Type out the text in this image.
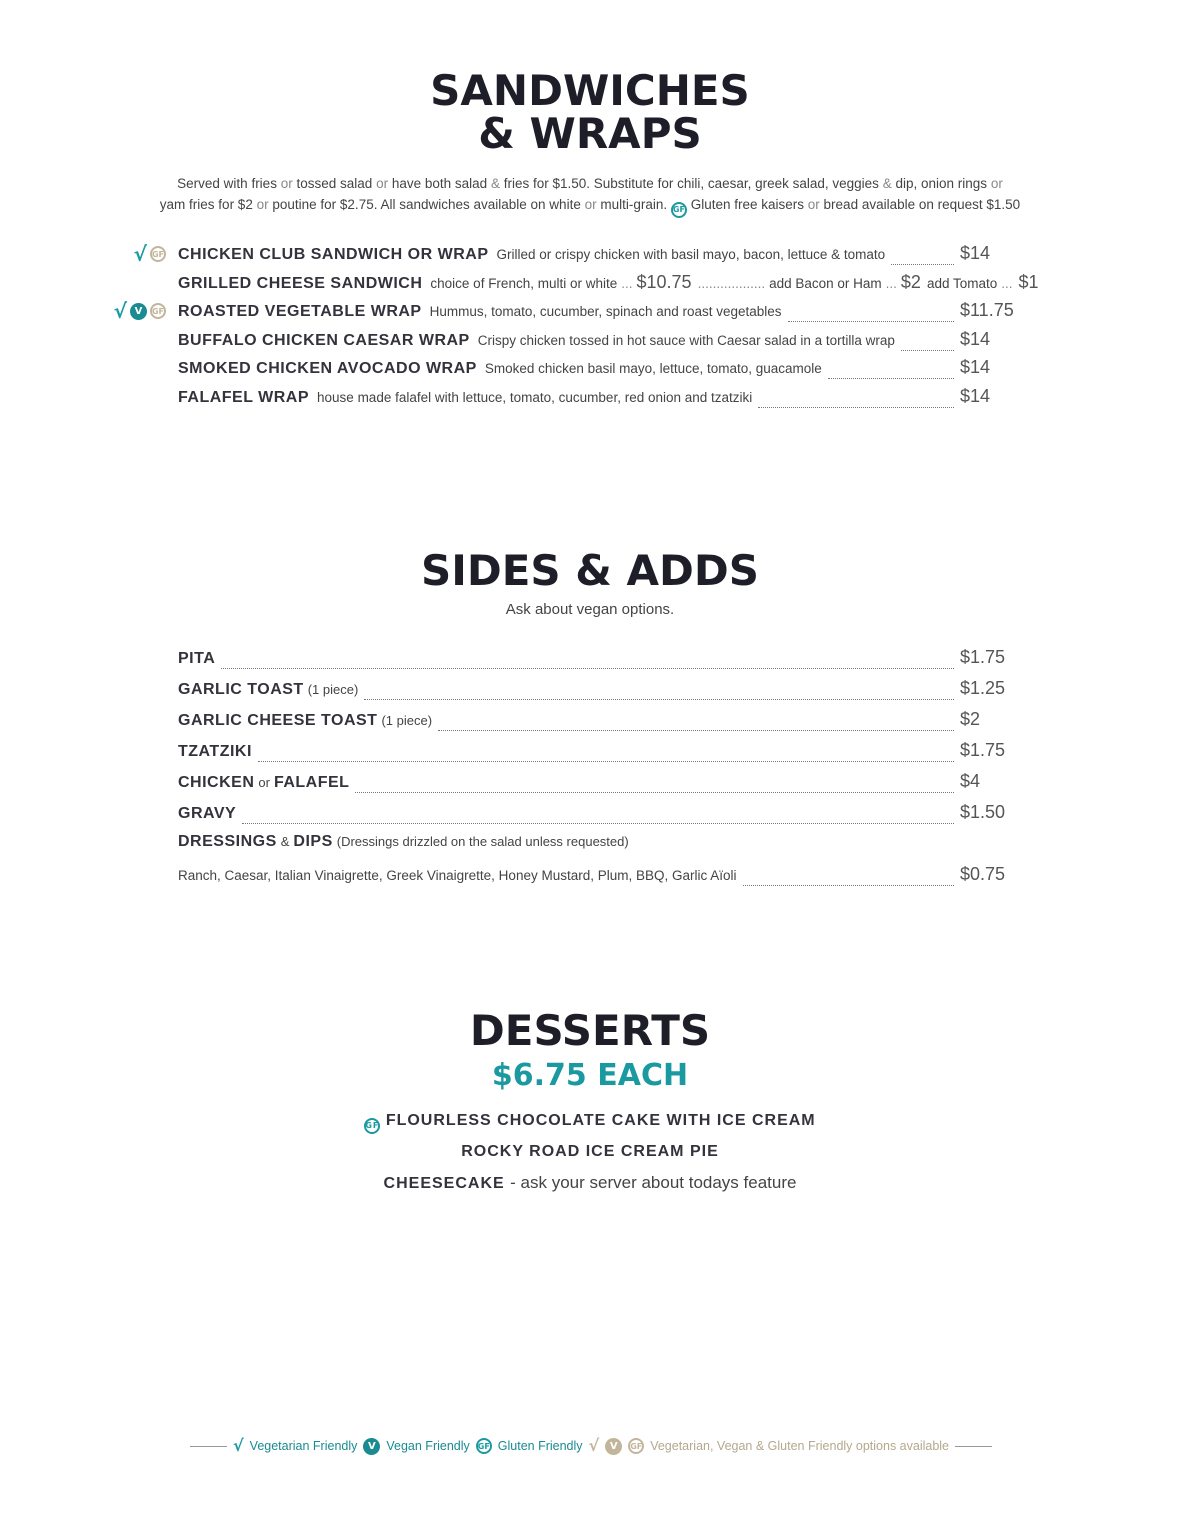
SANDWICHES
& WRAPS
Served with fries or tossed salad or have both salad & fries for $1.50. Substitute for chili, caesar, greek salad, veggies & dip, onion rings or
yam fries for $2 or poutine for $2.75. All sandwiches available on white or multi-grain. GF Gluten free kaisers or bread available on request $1.50
√ GF
√ V	GF
CHICKEN CLUB SANDWICH OR WRAP Grilled or crispy chicken with basil mayo, bacon, lettuce & tomato	$14
GRILLED CHEESE SANDWICH choice of French, multi or white ... $10.75 .................. add Bacon or Ham ... $2 add Tomato ... $1
ROASTED VEGETABLE WRAP Hummus, tomato, cucumber, spinach and roast vegetables	$11.75
BUFFALO CHICKEN CAESAR WRAP Crispy chicken tossed in hot sauce with Caesar salad in a tortilla wrap	$14
SMOKED CHICKEN AVOCADO WRAP Smoked chicken basil mayo, lettuce, tomato, guacamole	$14
FALAFEL WRAP house made falafel with lettuce, tomato, cucumber, red onion and tzatziki	$14
SIDES & ADDS
Ask about vegan options.
PITA	$1.75
GARLIC TOAST (1 piece)	$1.25
GARLIC CHEESE TOAST (1 piece)	$2
TZATZIKI	$1.75
CHICKEN or FALAFEL	$4
GRAVY	$1.50
DRESSINGS & DIPS (Dressings drizzled on the salad unless requested)
Ranch, Caesar, Italian Vinaigrette, Greek Vinaigrette, Honey Mustard, Plum, BBQ, Garlic Aïoli	$0.75
DESSERTS
$6.75 EACH
GF FLOURLESS CHOCOLATE CAKE WITH ICE CREAM
ROCKY ROAD ICE CREAM PIE
CHEESECAKE - ask your server about todays feature
√ Vegetarian Friendly	V Vegan Friendly GF Gluten Friendly √	V	GF Vegetarian, Vegan & Gluten Friendly options available
